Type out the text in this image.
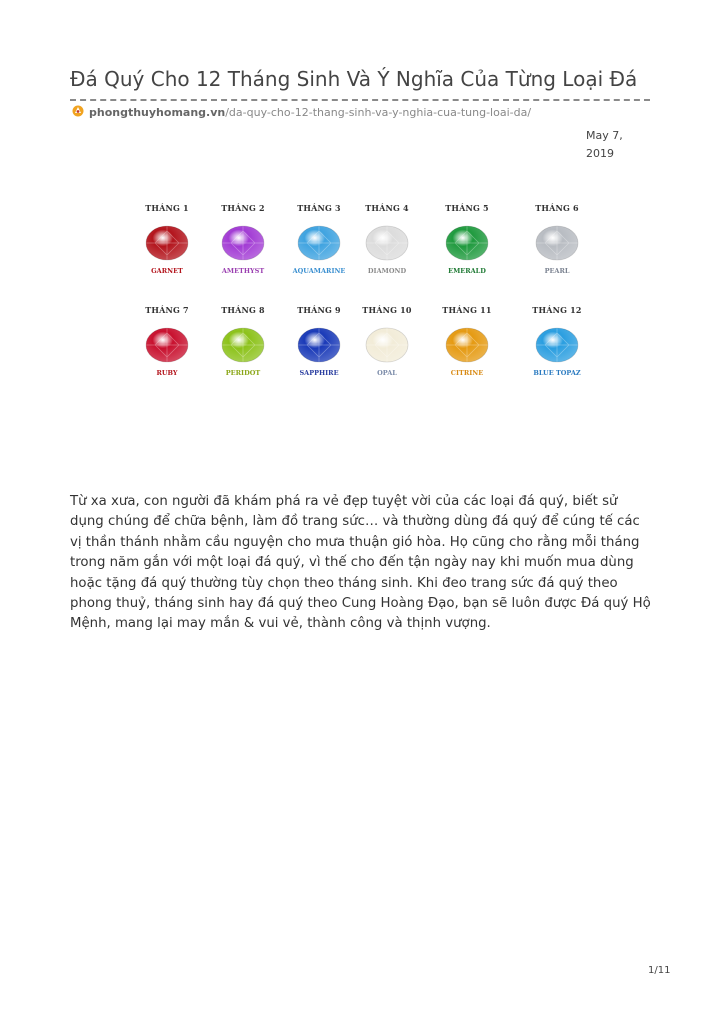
Đá Quý Cho 12 Tháng Sinh Và Ý Nghĩa Của Từng Loại Đá
phongthuyhomang.vn /da-quy-cho-12-thang-sinh-va-y-nghia-cua-tung-loai-da/
May 7, 2019
THÁNG 1
GARNET
THÁNG 2
AMETHYST
THÁNG 3
AQUAMARINE
THÁNG 4
DIAMOND
THÁNG 5
EMERALD
THÁNG 6
PEARL
THÁNG 7
RUBY
THÁNG 8
PERIDOT
THÁNG 9
SAPPHIRE
THÁNG 10
OPAL
THÁNG 11
CITRINE
THÁNG 12
BLUE TOPAZ

Từ xa xưa, con người đã khám phá ra vẻ đẹp tuyệt vời của các loại đá quý, biết sử dụng chúng để chữa bệnh, làm đồ trang sức… và thường dùng đá quý để cúng tế các vị thần thánh nhằm cầu nguyện cho mưa thuận gió hòa. Họ cũng cho rằng mỗi tháng trong năm gắn với một loại đá quý, vì thế cho đến tận ngày nay khi muốn mua dùng hoặc tặng đá quý thường tùy chọn theo tháng sinh. Khi đeo trang sức đá quý theo phong thuỷ, tháng sinh hay đá quý theo Cung Hoàng Đạo, bạn sẽ luôn được Đá quý Hộ Mệnh, mang lại may mắn & vui vẻ, thành công và thịnh vượng.

1/11
